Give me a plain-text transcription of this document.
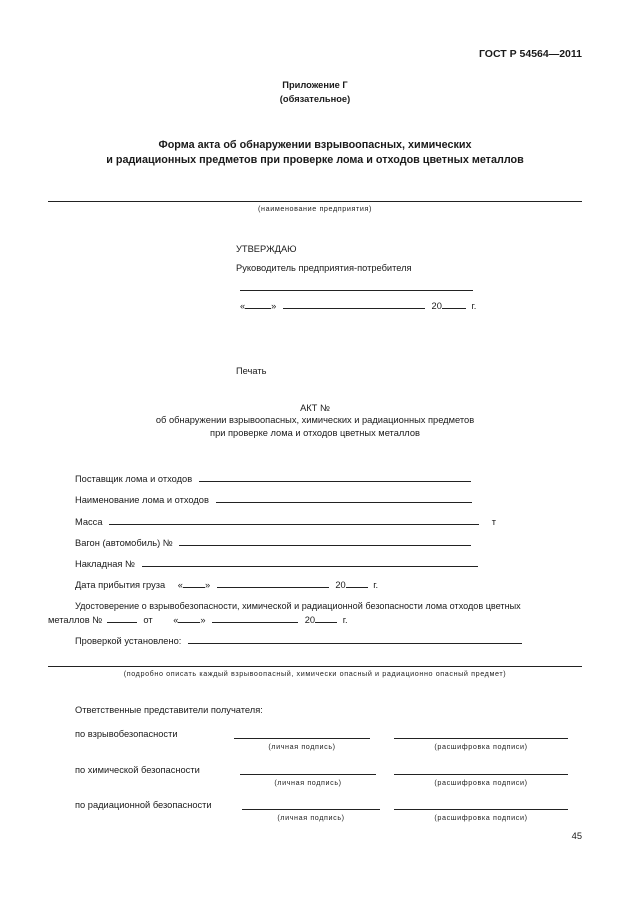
ГОСТ Р 54564—2011
Приложение Г
(обязательное)
Форма акта об обнаружении взрывоопасных, химических
и радиационных предметов при проверке лома и отходов цветных металлов
(наименование предприятия)
УТВЕРЖДАЮ
Руководитель предприятия-потребителя
«	»	20	г.
Печать
АКТ №
об обнаружении взрывоопасных, химических и радиационных предметов
при проверке лома и отходов цветных металлов
Поставщик лома и отходов
Наименование лома и отходов
Масса	т
Вагон (автомобиль) №
Накладная №
Дата прибытия груза « »	20	г.
Удостоверение о взрывобезопасности, химической и радиационной безопасности лома отходов цветных
металлов №	от « »	20	г.
Проверкой установлено:
(подробно описать каждый взрывоопасный, химически опасный и радиационно опасный предмет)
Ответственные представители получателя:
по взрывобезопасности
(личная подпись)	(расшифровка подписи)
по химической безопасности
(личная подпись)	(расшифровка подписи)
по радиационной безопасности
(личная подпись)	(расшифровка подписи)
45
